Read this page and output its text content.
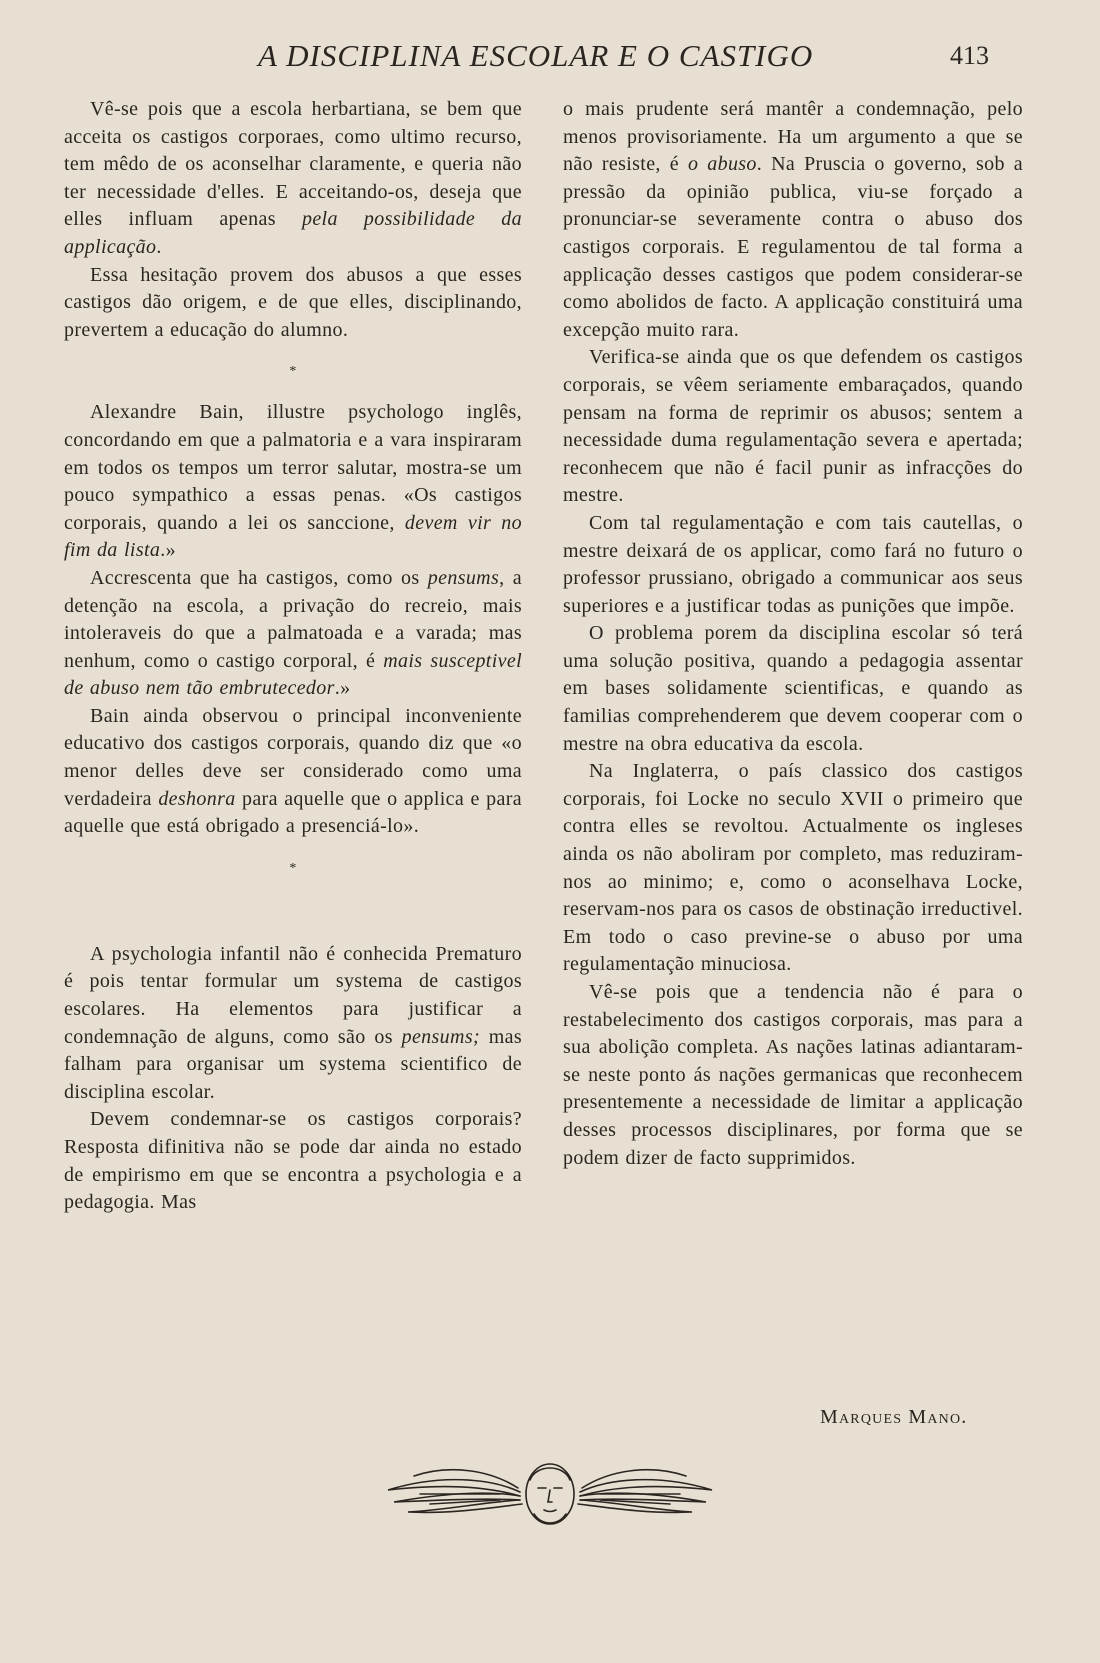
A DISCIPLINA ESCOLAR E O CASTIGO	413

Vê-se pois que a escola herbartiana, se bem que acceita os castigos corporaes, como ultimo recurso, tem mêdo de os aconselhar claramente, e queria não ter necessidade d'elles. E acceitando-os, deseja que elles influam apenas pela possibilidade da applicação.

Essa hesitação provem dos abusos a que esses castigos dão origem, e de que elles, disciplinando, prevertem a educação do alumno.

*

Alexandre Bain, illustre psychologo inglês, concordando em que a palmatoria e a vara inspiraram em todos os tempos um terror salutar, mostra-se um pouco sympathico a essas penas. «Os castigos corporais, quando a lei os sanccione, devem vir no fim da lista.»

Accrescenta que ha castigos, como os pensums, a detenção na escola, a privação do recreio, mais intoleraveis do que a palmatoada e a varada; mas nenhum, como o castigo corporal, é mais susceptivel de abuso nem tão embrutecedor.»

Bain ainda observou o principal inconveniente educativo dos castigos corporais, quando diz que «o menor delles deve ser considerado como uma verdadeira deshonra para aquelle que o applica e para aquelle que está obrigado a presenciá-lo».

*

A psychologia infantil não é conhecida Prematuro é pois tentar formular um systema de castigos escolares. Ha elementos para justificar a condemnação de alguns, como são os pensums; mas falham para organisar um systema scientifico de disciplina escolar.

Devem condemnar-se os castigos corporais? Resposta difinitiva não se pode dar ainda no estado de empirismo em que se encontra a psychologia e a pedagogia. Mas

o mais prudente será mantêr a condemnação, pelo menos provisoriamente. Ha um argumento a que se não resiste, é o abuso. Na Pruscia o governo, sob a pressão da opinião publica, viu-se forçado a pronunciar-se severamente contra o abuso dos castigos corporais. E regulamentou de tal forma a applicação desses castigos que podem considerar-se como abolidos de facto. A applicação constituirá uma excepção muito rara.

Verifica-se ainda que os que defendem os castigos corporais, se vêem seriamente embaraçados, quando pensam na forma de reprimir os abusos; sentem a necessidade duma regulamentação severa e apertada; reconhecem que não é facil punir as infracções do mestre.

Com tal regulamentação e com tais cautellas, o mestre deixará de os applicar, como fará no futuro o professor prussiano, obrigado a communicar aos seus superiores e a justificar todas as punições que impõe.

O problema porem da disciplina escolar só terá uma solução positiva, quando a pedagogia assentar em bases solidamente scientificas, e quando as familias comprehenderem que devem cooperar com o mestre na obra educativa da escola.

Na Inglaterra, o país classico dos castigos corporais, foi Locke no seculo XVII o primeiro que contra elles se revoltou. Actualmente os ingleses ainda os não aboliram por completo, mas reduziram-nos ao minimo; e, como o aconselhava Locke, reservam-nos para os casos de obstinação irreductivel. Em todo o caso previne-se o abuso por uma regulamentação minuciosa.

Vê-se pois que a tendencia não é para o restabelecimento dos castigos corporais, mas para a sua abolição completa. As nações latinas adiantaram-se neste ponto ás nações germanicas que reconhecem presentemente a necessidade de limitar a applicação desses processos disciplinares, por forma que se podem dizer de facto supprimidos.

Marques Mano.
